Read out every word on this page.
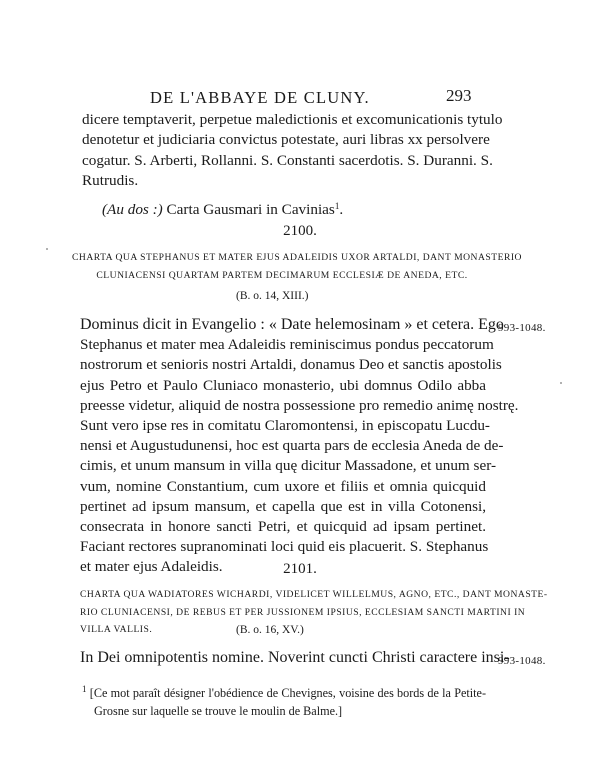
DE L'ABBAYE DE CLUNY.	293
dicere temptaverit, perpetue maledictionis et excomunicationis tytulo
denotetur et judiciaria convictus potestate, auri libras xx persolvere
cogatur. S. Arberti, Rollanni. S. Constanti sacerdotis. S. Duranni. S.
Rutrudis.
(Au dos :) Carta Gausmari in Cavinias$^1$.
2100.
CHARTA QUA STEPHANUS ET MATER EJUS ADALEIDIS UXOR ARTALDI, DANT MONASTERIO
CLUNIACENSI QUARTAM PARTEM DECIMARUM ECCLESIÆ DE ANEDA, ETC.
(B. o. 14, XIII.)
993-1048.
Dominus dicit in Evangelio : « Date helemosinam » et cetera. Ego
Stephanus et mater mea Adaleidis reminiscimus pondus peccatorum
nostrorum et senioris nostri Artaldi, donamus Deo et sanctis apostolis
ejus Petro et Paulo Cluniaco monasterio, ubi domnus Odilo abba
preesse videtur, aliquid de nostra possessione pro remedio animę nostrę.
Sunt vero ipse res in comitatu Claromontensi, in episcopatu Lucdu-
nensi et Augustudunensi, hoc est quarta pars de ecclesia Aneda de de-
cimis, et unum mansum in villa quę dicitur Massadone, et unum ser-
vum, nomine Constantium, cum uxore et filiis et omnia quicquid
pertinet ad ipsum mansum, et capella que est in villa Cotonensi,
consecrata in honore sancti Petri, et quicquid ad ipsam pertinet.
Faciant rectores supranominati loci quid eis placuerit. S. Stephanus
et mater ejus Adaleidis.	2101.
CHARTA QUA WADIATORES WICHARDI, VIDELICET WILLELMUS, AGNO, ETC., DANT MONASTE-
RIO CLUNIACENSI, DE REBUS ET PER JUSSIONEM IPSIUS, ECCLESIAM SANCTI MARTINI IN
VILLA VALLIS.	(B. o. 16, XV.)
993-1048.
In Dei omnipotentis nomine. Noverint cuncti Christi caractere insi-
$^1$ [Ce mot paraît désigner l'obédience de Chevignes, voisine des bords de la Petite-
Grosne sur laquelle se trouve le moulin de Balme.]
